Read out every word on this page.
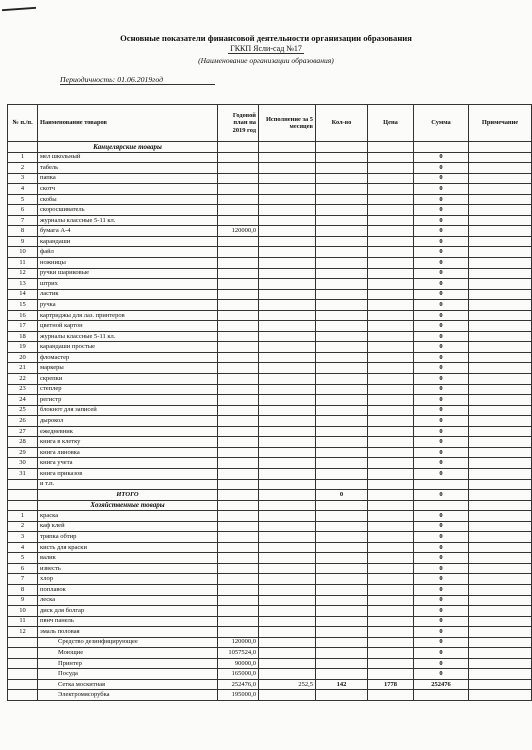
Основные показатели финансовой деятельности организации образования
ГККП Ясли-сад №17
(Наименование организации образования)
Периодичность: 01.06.2019год
№ п./п.	Наименование товаров	Годовой план на 2019 год	Исполнение за 5 месяцев	Кол-во	Цена	Сумма	Примечание
	Канцелярские товары						
1	мел школьный					0	
2	табель					0	
3	папка					0	
4	скотч					0	
5	скобы					0	
6	скоросшиватель					0	
7	журналы классные 5-11 кл.					0	
8	бумага А-4	120000,0				0	
9	карандаши					0	
10	файл					0	
11	ножницы					0	
12	ручки шариковые					0	
13	штрих					0	
14	ластик					0	
15	ручка					0	
16	картриджы для лаз. принтеров					0	
17	цветной картон					0	
18	журналы классные 5-11 кл.					0	
19	карандаши простые					0	
20	фломастер					0	
21	маркеры					0	
22	скрепки					0	
23	степлер					0	
24	регистр					0	
25	блокнот для записей					0	
26	дырокол					0	
27	ежедневник					0	
28	книга в клетку					0	
29	книга линовка					0	
30	книга учета					0	
31	книга приказов					0	
	и т.п.						
	ИТОГО			0		0	
	Хозяйственные товары						
1	краска					0	
2	каф клей					0	
3	тряпка обтир					0	
4	кисть для краски					0	
5	валик					0	
6	известь					0	
7	хлор					0	
8	поплавок					0	
9	леска					0	
10	диск для болгар					0	
11	пвнч панель					0	
12	эмаль половая					0	
	Средство дезинфицирующее	120000,0				0	
	Моющие	1057524,0				0	
	Принтер	90000,0				0	
	Посуда	165000,0				0	
	Сетка москитная	252476,0	252,5	142	1778	252476	
	Электромясорубка	195000,0					
